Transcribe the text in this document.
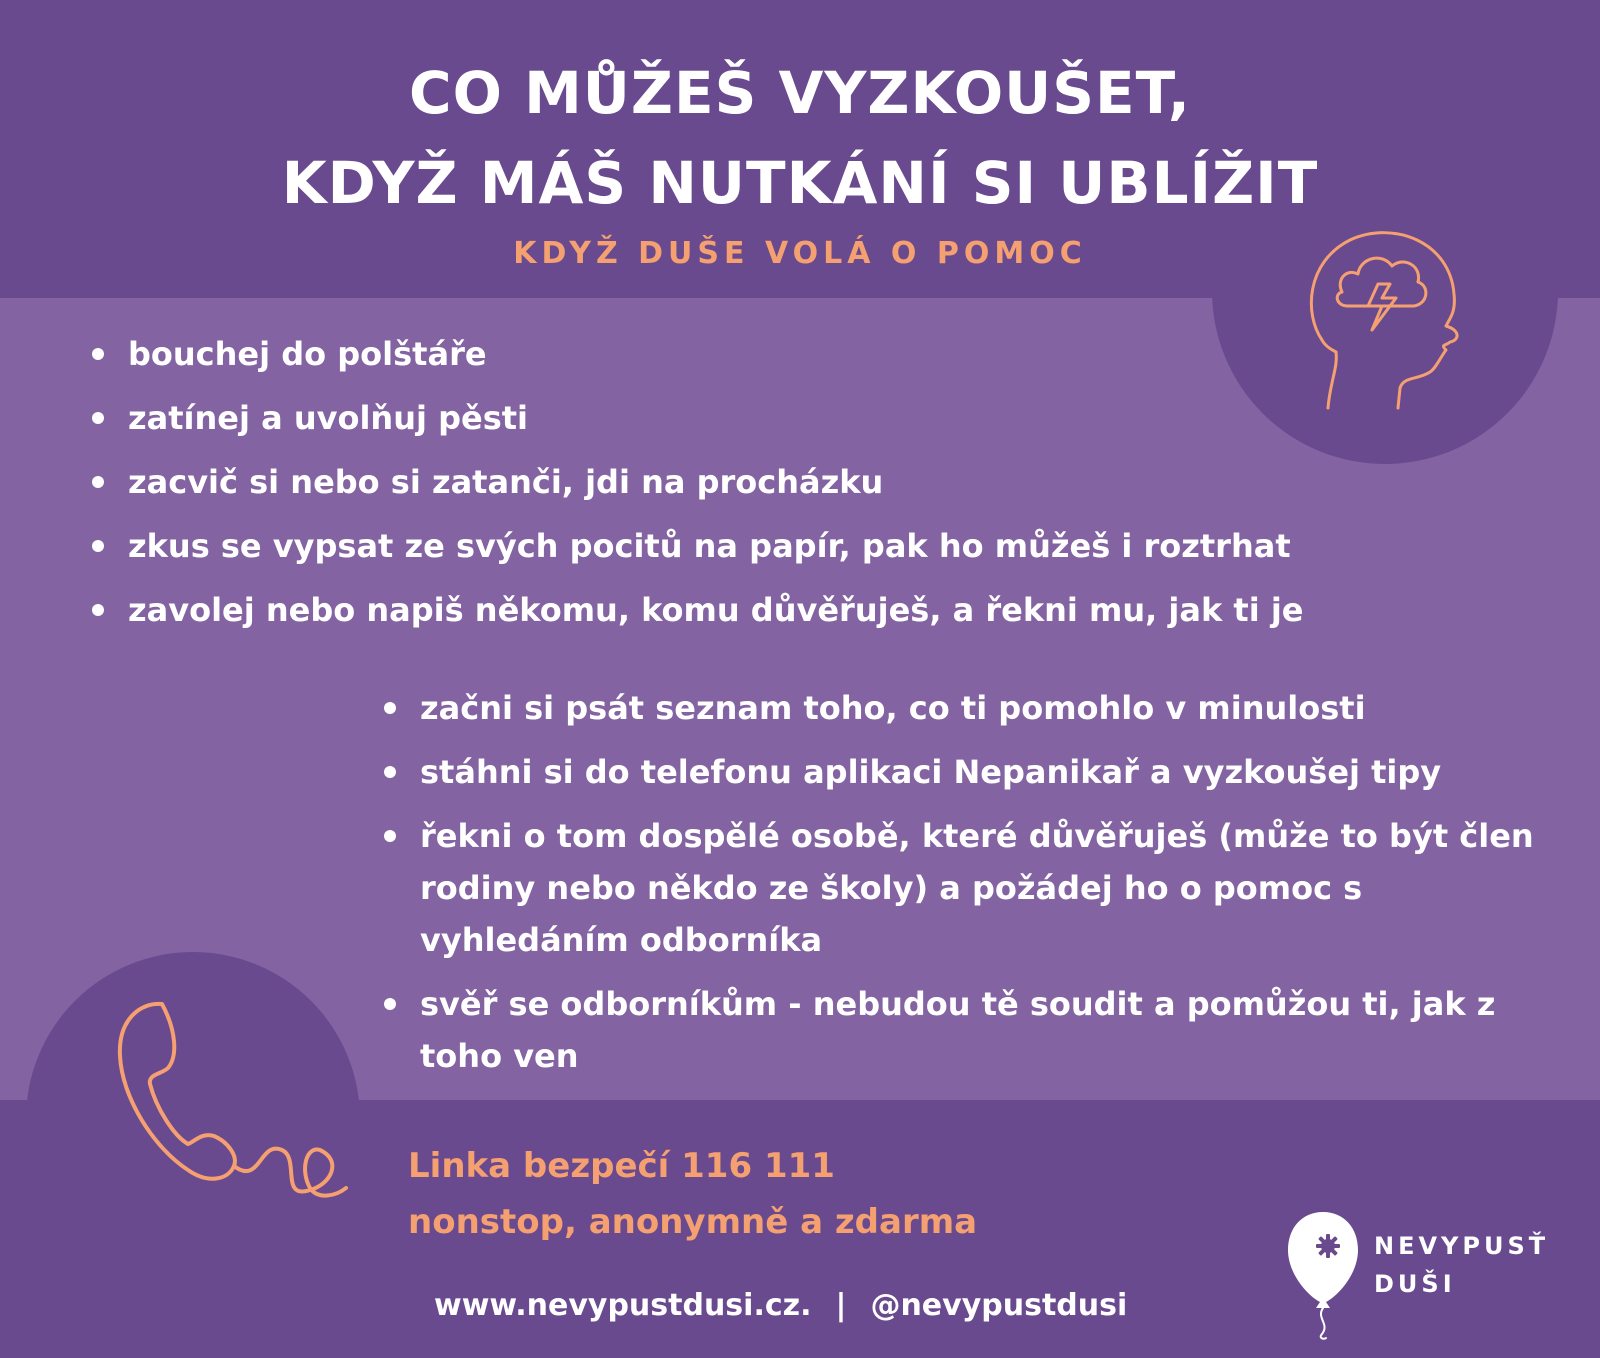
CO MŮŽEŠ VYZKOUŠET,
KDYŽ MÁŠ NUTKÁNÍ SI UBLÍŽIT
KDYŽ DUŠE VOLÁ O POMOC
bouchej do polštáře
zatínej a uvolňuj pěsti
zacvič si nebo si zatanči, jdi na procházku
zkus se vypsat ze svých pocitů na papír, pak ho můžeš i roztrhat
zavolej nebo napiš někomu, komu důvěřuješ, a řekni mu, jak ti je
začni si psát seznam toho, co ti pomohlo v minulosti
stáhni si do telefonu aplikaci Nepanikař a vyzkoušej tipy
řekni o tom dospělé osobě, které důvěřuješ (může to být člen rodiny nebo někdo ze školy) a požádej ho o pomoc s vyhledáním odborníka
svěř se odborníkům - nebudou tě soudit a pomůžou ti, jak z toho ven
Linka bezpečí 116 111
nonstop, anonymně a zdarma
www.nevypustdusi.cz. | @nevypustdusi
NEVYPUSŤ
DUŠI
